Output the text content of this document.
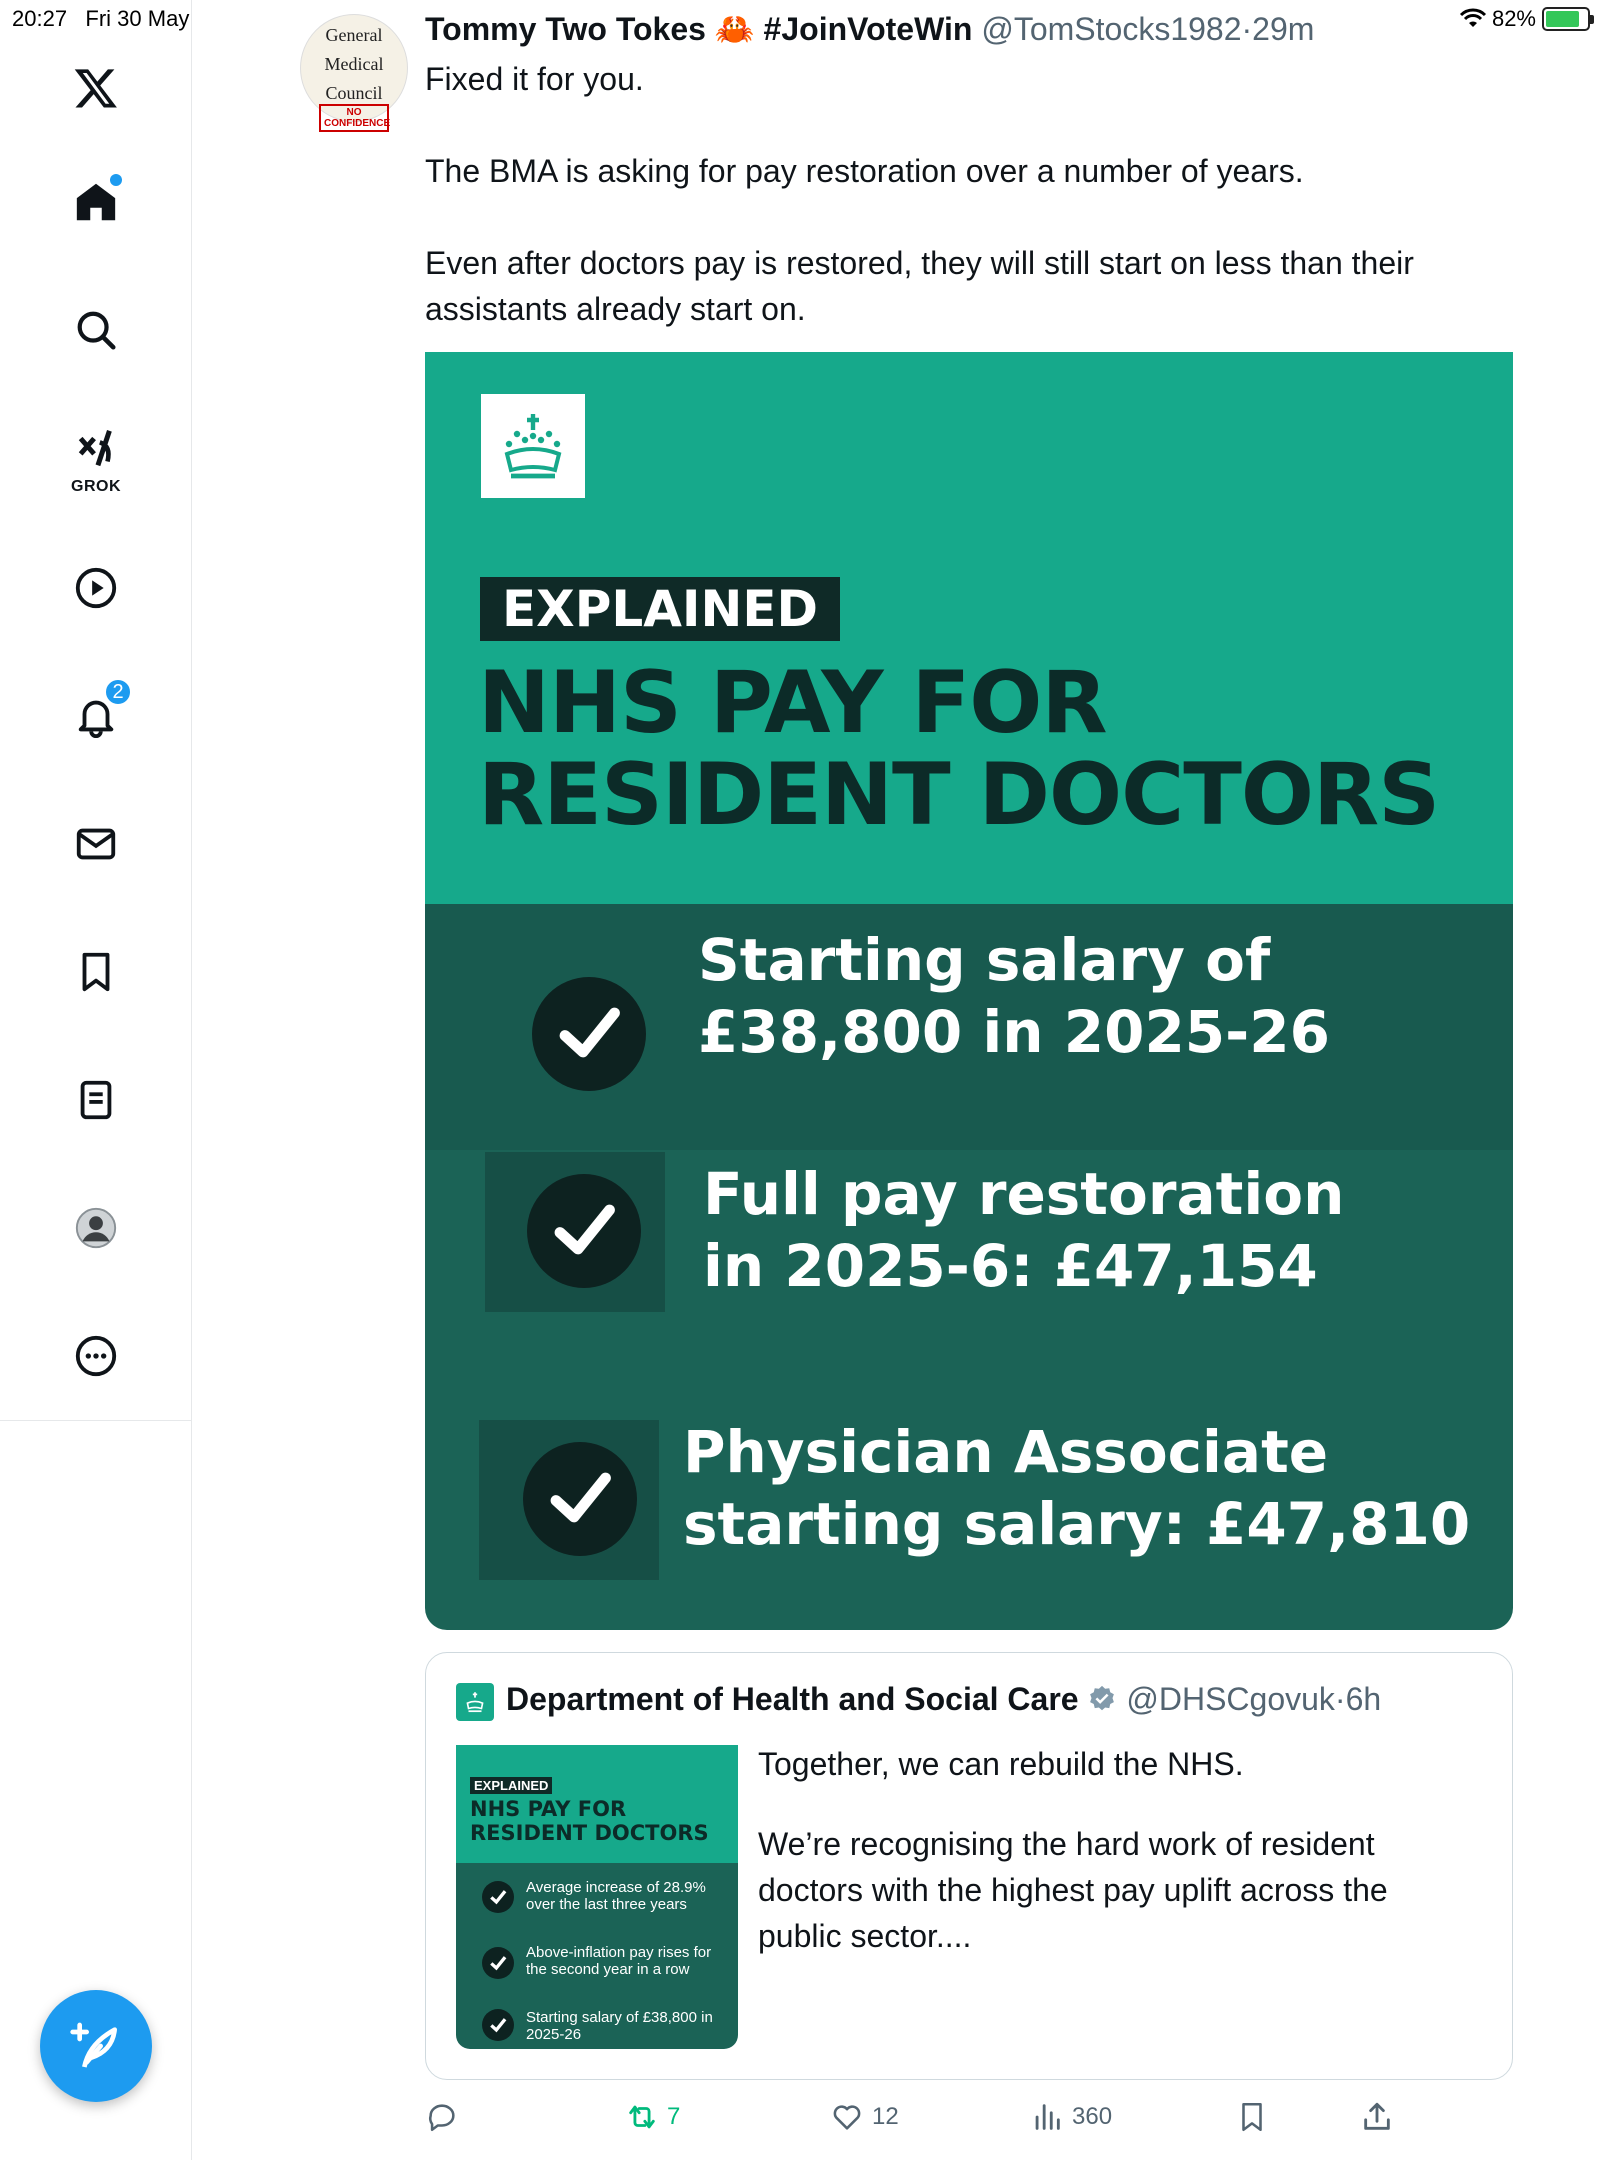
20:27 Fri 30 May	82%
GROK
2
General
Medical
Council
NO CONFIDENCE
Tommy Two Tokes 🦀 #JoinVoteWin @TomStocks1982·29m

Fixed it for you.

The BMA is asking for pay restoration over a number of years.

Even after doctors pay is restored, they will still start on less than their assistants already start on.

EXPLAINED
NHS PAY FOR
RESIDENT DOCTORS
Starting salary of
£38,800 in 2025-26
Full pay restoration
in 2025-6: £47,154
Physician Associate
starting salary: £47,810
Department of Health and Social Care @DHSCgovuk·6h
EXPLAINED
NHS PAY FOR
RESIDENT DOCTORS
Average increase of 28.9% over the last three years
Above-inflation pay rises for the second year in a row
Starting salary of £38,800 in 2025-26

Together, we can rebuild the NHS.

We’re recognising the hard work of resident doctors with the highest pay uplift across the public sector....

7	12	360
